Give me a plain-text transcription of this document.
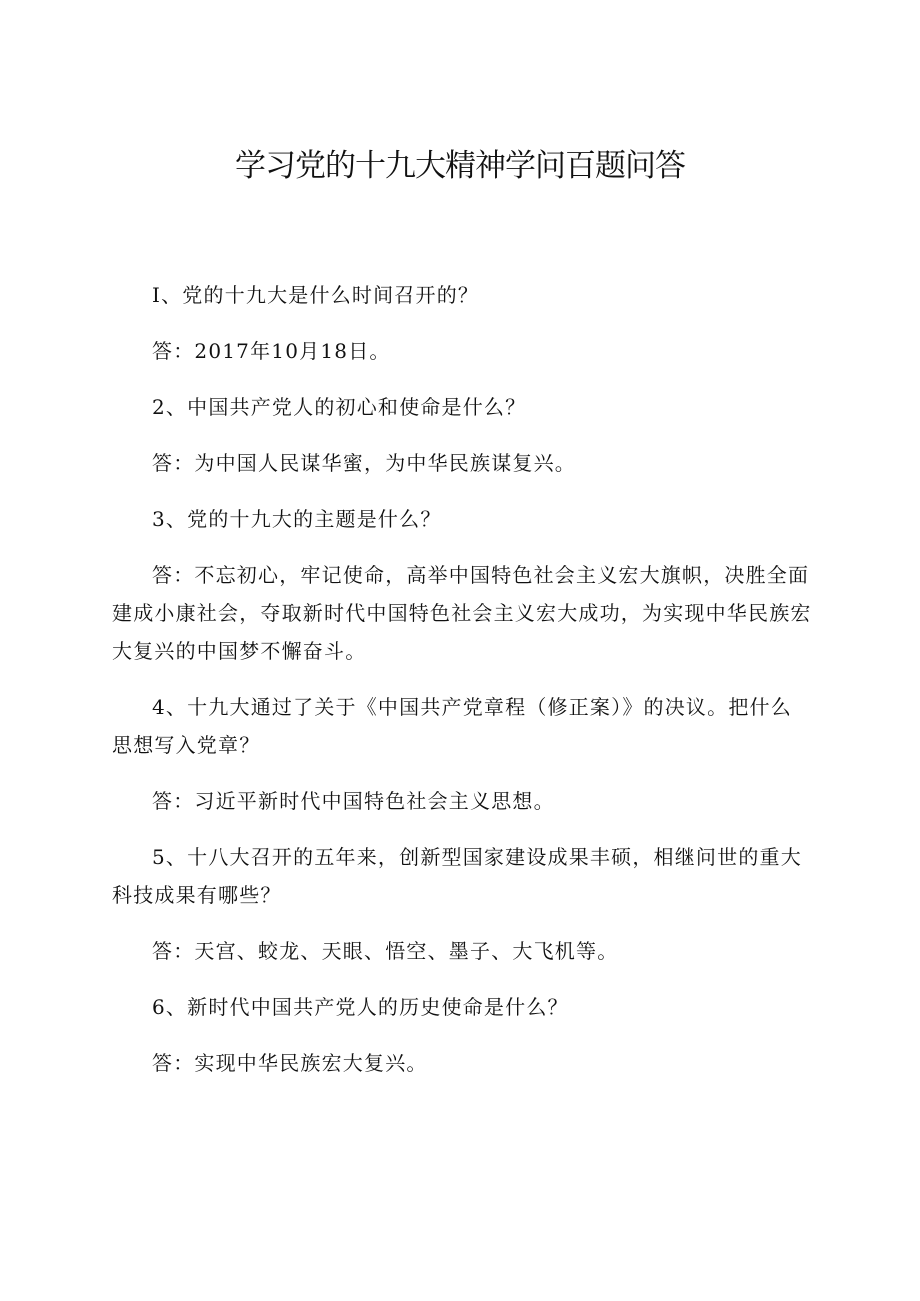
学习党的十九大精神学问百题问答

Ⅰ、党的十九大是什么时间召开的？

答：2017年10月18日。

2、中国共产党人的初心和使命是什么？

答：为中国人民谋华蜜，为中华民族谋复兴。

3、党的十九大的主题是什么？

答：不忘初心，牢记使命，高举中国特色社会主义宏大旗帜，决胜全面建成小康社会，夺取新时代中国特色社会主义宏大成功，为实现中华民族宏大复兴的中国梦不懈奋斗。

4、十九大通过了关于《中国共产党章程（修正案）》的决议。把什么思想写入党章？

答：习近平新时代中国特色社会主义思想。

5、十八大召开的五年来，创新型国家建设成果丰硕，相继问世的重大科技成果有哪些？

答：天宫、蛟龙、天眼、悟空、墨子、大飞机等。

6、新时代中国共产党人的历史使命是什么？

答：实现中华民族宏大复兴。
